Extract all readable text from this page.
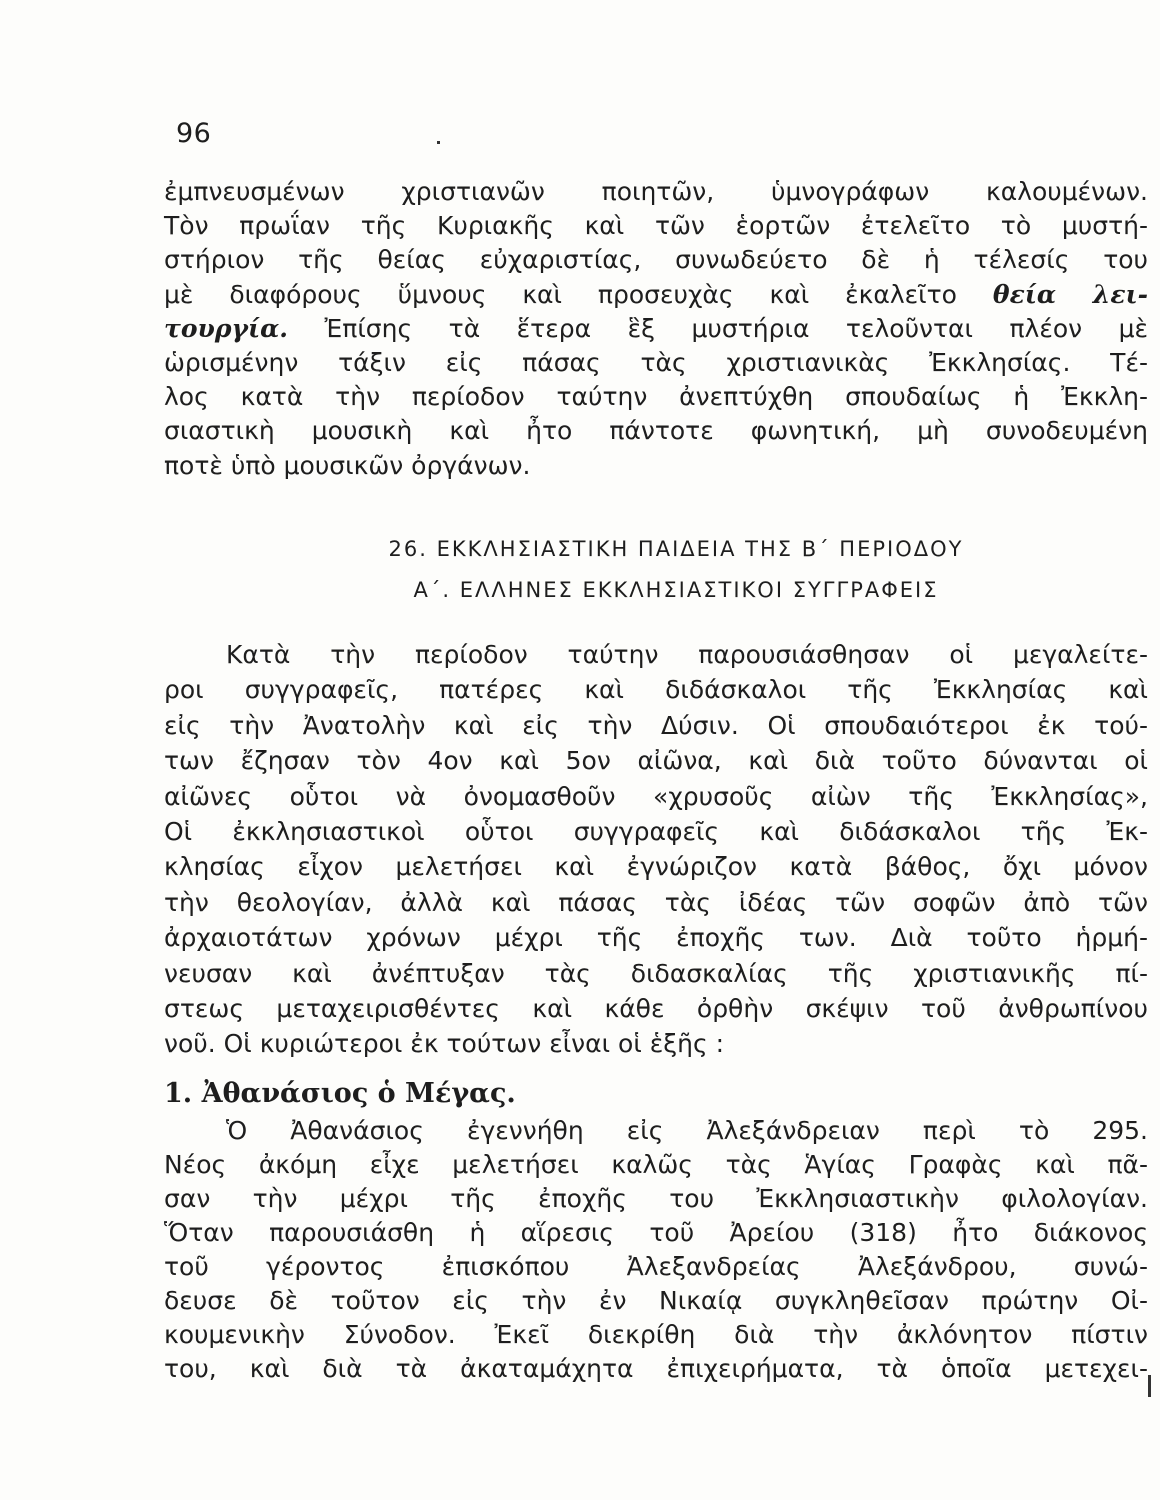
96
ἐμπνευσμένων χριστιανῶν ποιητῶν, ὑμνογράφων καλουμένων.
Τὸν πρωΐαν τῆς Κυριακῆς καὶ τῶν ἑορτῶν ἐτελεῖτο τὸ μυστή-
στήριον τῆς θείας εὐχαριστίας, συνωδεύετο δὲ ἡ τέλεσίς του
μὲ διαφόρους ὕμνους καὶ προσευχὰς καὶ ἐκαλεῖτο θεία λει-
τουργία. Ἐπίσης τὰ ἕτερα ἓξ μυστήρια τελοῦνται πλέον μὲ
ὡρισμένην τάξιν εἰς πάσας τὰς χριστιανικὰς Ἐκκλησίας. Τέ-
λος κατὰ τὴν περίοδον ταύτην ἀνεπτύχθη σπουδαίως ἡ Ἐκκλη-
σιαστικὴ μουσικὴ καὶ ἦτο πάντοτε φωνητική, μὴ συνοδευμένη
ποτὲ ὑπὸ μουσικῶν ὀργάνων.
26. ΕΚΚΛΗΣΙΑΣΤΙΚΗ ΠΑΙΔΕΙΑ ΤΗΣ Β΄ ΠΕΡΙΟΔΟΥ
Α΄. ΕΛΛΗΝΕΣ ΕΚΚΛΗΣΙΑΣΤΙΚΟΙ ΣΥΓΓΡΑΦΕΙΣ
Κατὰ τὴν περίοδον ταύτην παρουσιάσθησαν οἱ μεγαλείτε-
ροι συγγραφεῖς, πατέρες καὶ διδάσκαλοι τῆς Ἐκκλησίας καὶ
εἰς τὴν Ἀνατολὴν καὶ εἰς τὴν Δύσιν. Οἱ σπουδαιότεροι ἐκ τού-
των ἔζησαν τὸν 4ον καὶ 5ον αἰῶνα, καὶ διὰ τοῦτο δύνανται οἱ
αἰῶνες οὗτοι νὰ ὀνομασθοῦν «χρυσοῦς αἰὼν τῆς Ἐκκλησίας»,
Οἱ ἐκκλησιαστικοὶ οὗτοι συγγραφεῖς καὶ διδάσκαλοι τῆς Ἐκ-
κλησίας εἶχον μελετήσει καὶ ἐγνώριζον κατὰ βάθος, ὄχι μόνον
τὴν θεολογίαν, ἀλλὰ καὶ πάσας τὰς ἰδέας τῶν σοφῶν ἀπὸ τῶν
ἀρχαιοτάτων χρόνων μέχρι τῆς ἐποχῆς των. Διὰ τοῦτο ἡρμή-
νευσαν καὶ ἀνέπτυξαν τὰς διδασκαλίας τῆς χριστιανικῆς πί-
στεως μεταχειρισθέντες καὶ κάθε ὀρθὴν σκέψιν τοῦ ἀνθρωπίνου
νοῦ. Οἱ κυριώτεροι ἐκ τούτων εἶναι οἱ ἑξῆς :
1. Ἀθανάσιος ὁ Μέγας.
Ὁ Ἀθανάσιος ἐγεννήθη εἰς Ἀλεξάνδρειαν περὶ τὸ 295.
Νέος ἀκόμη εἶχε μελετήσει καλῶς τὰς Ἁγίας Γραφὰς καὶ πᾶ-
σαν τὴν μέχρι τῆς ἐποχῆς του Ἐκκλησιαστικὴν φιλολογίαν.
Ὅταν παρουσιάσθη ἡ αἵρεσις τοῦ Ἀρείου (318) ἦτο διάκονος
τοῦ γέροντος ἐπισκόπου Ἀλεξανδρείας Ἀλεξάνδρου, συνώ-
δευσε δὲ τοῦτον εἰς τὴν ἐν Νικαίᾳ συγκληθεῖσαν πρώτην Οἰ-
κουμενικὴν Σύνοδον. Ἐκεῖ διεκρίθη διὰ τὴν ἀκλόνητον πίστιν
του, καὶ διὰ τὰ ἀκαταμάχητα ἐπιχειρήματα, τὰ ὁποῖα μετεχει-
